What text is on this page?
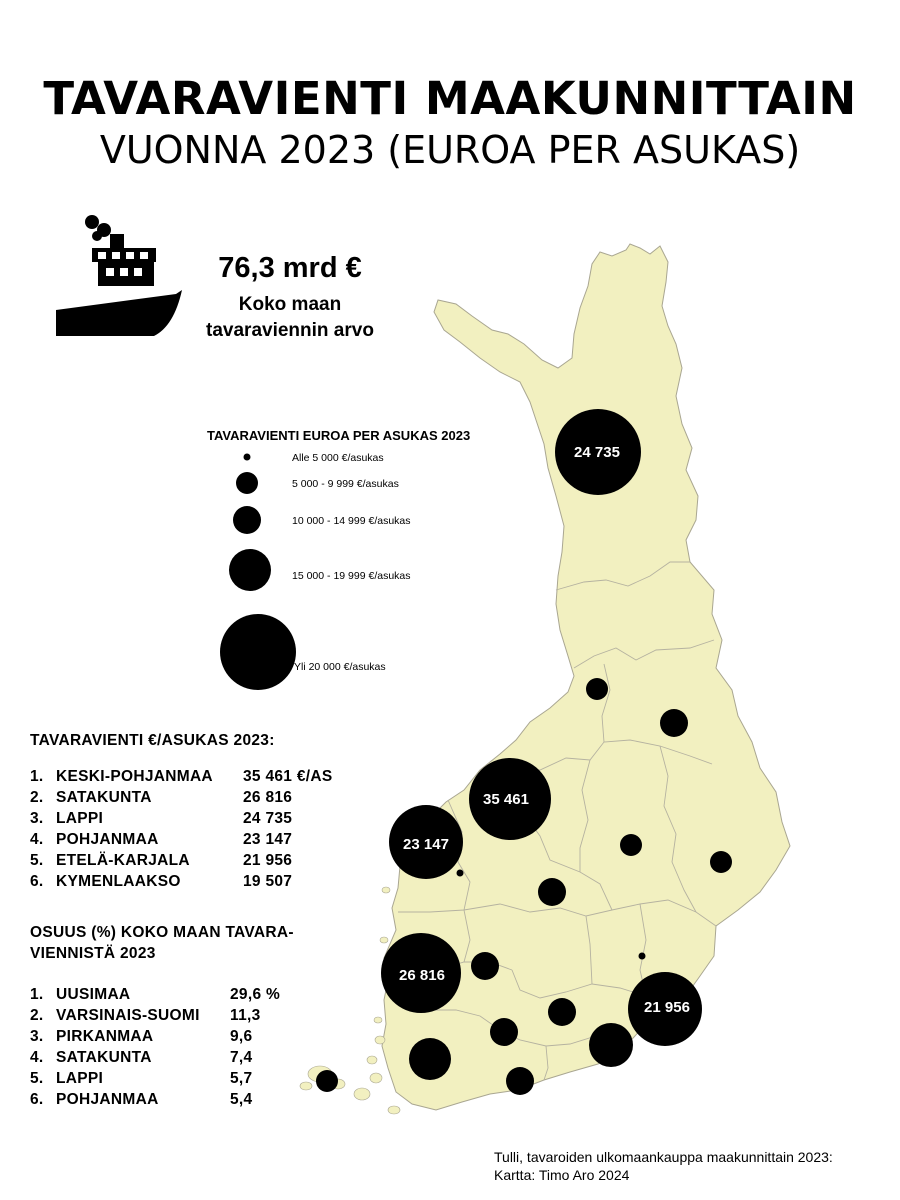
TAVARAVIENTI MAAKUNNITTAIN
VUONNA 2023 (EUROA PER ASUKAS)
24 735
35 461
23 147
26 816
21 956
76,3 mrd €
Koko maan
tavaraviennin arvo
TAVARAVIENTI EUROA PER ASUKAS 2023
Alle 5 000 €/asukas
5 000 - 9 999 €/asukas
10 000 - 14 999 €/asukas
15 000 - 19 999 €/asukas
Yli 20 000 €/asukas
TAVARAVIENTI €/ASUKAS 2023:
1. KESKI-POHJANMAA 35 461 €/AS
2. SATAKUNTA	26 816
3. LAPPI	24 735
4. POHJANMAA	23 147
5. ETELÄ-KARJALA	21 956
6. KYMENLAAKSO	19 507
OSUUS (%) KOKO MAAN TAVARA-
VIENNISTÄ 2023
1. UUSIMAA	29,6 %
2. VARSINAIS-SUOMI 11,3
3. PIRKANMAA	9,6
4. SATAKUNTA	7,4
5. LAPPI	5,7
6. POHJANMAA	5,4
Tulli, tavaroiden ulkomaankauppa maakunnittain 2023:
Kartta: Timo Aro 2024
